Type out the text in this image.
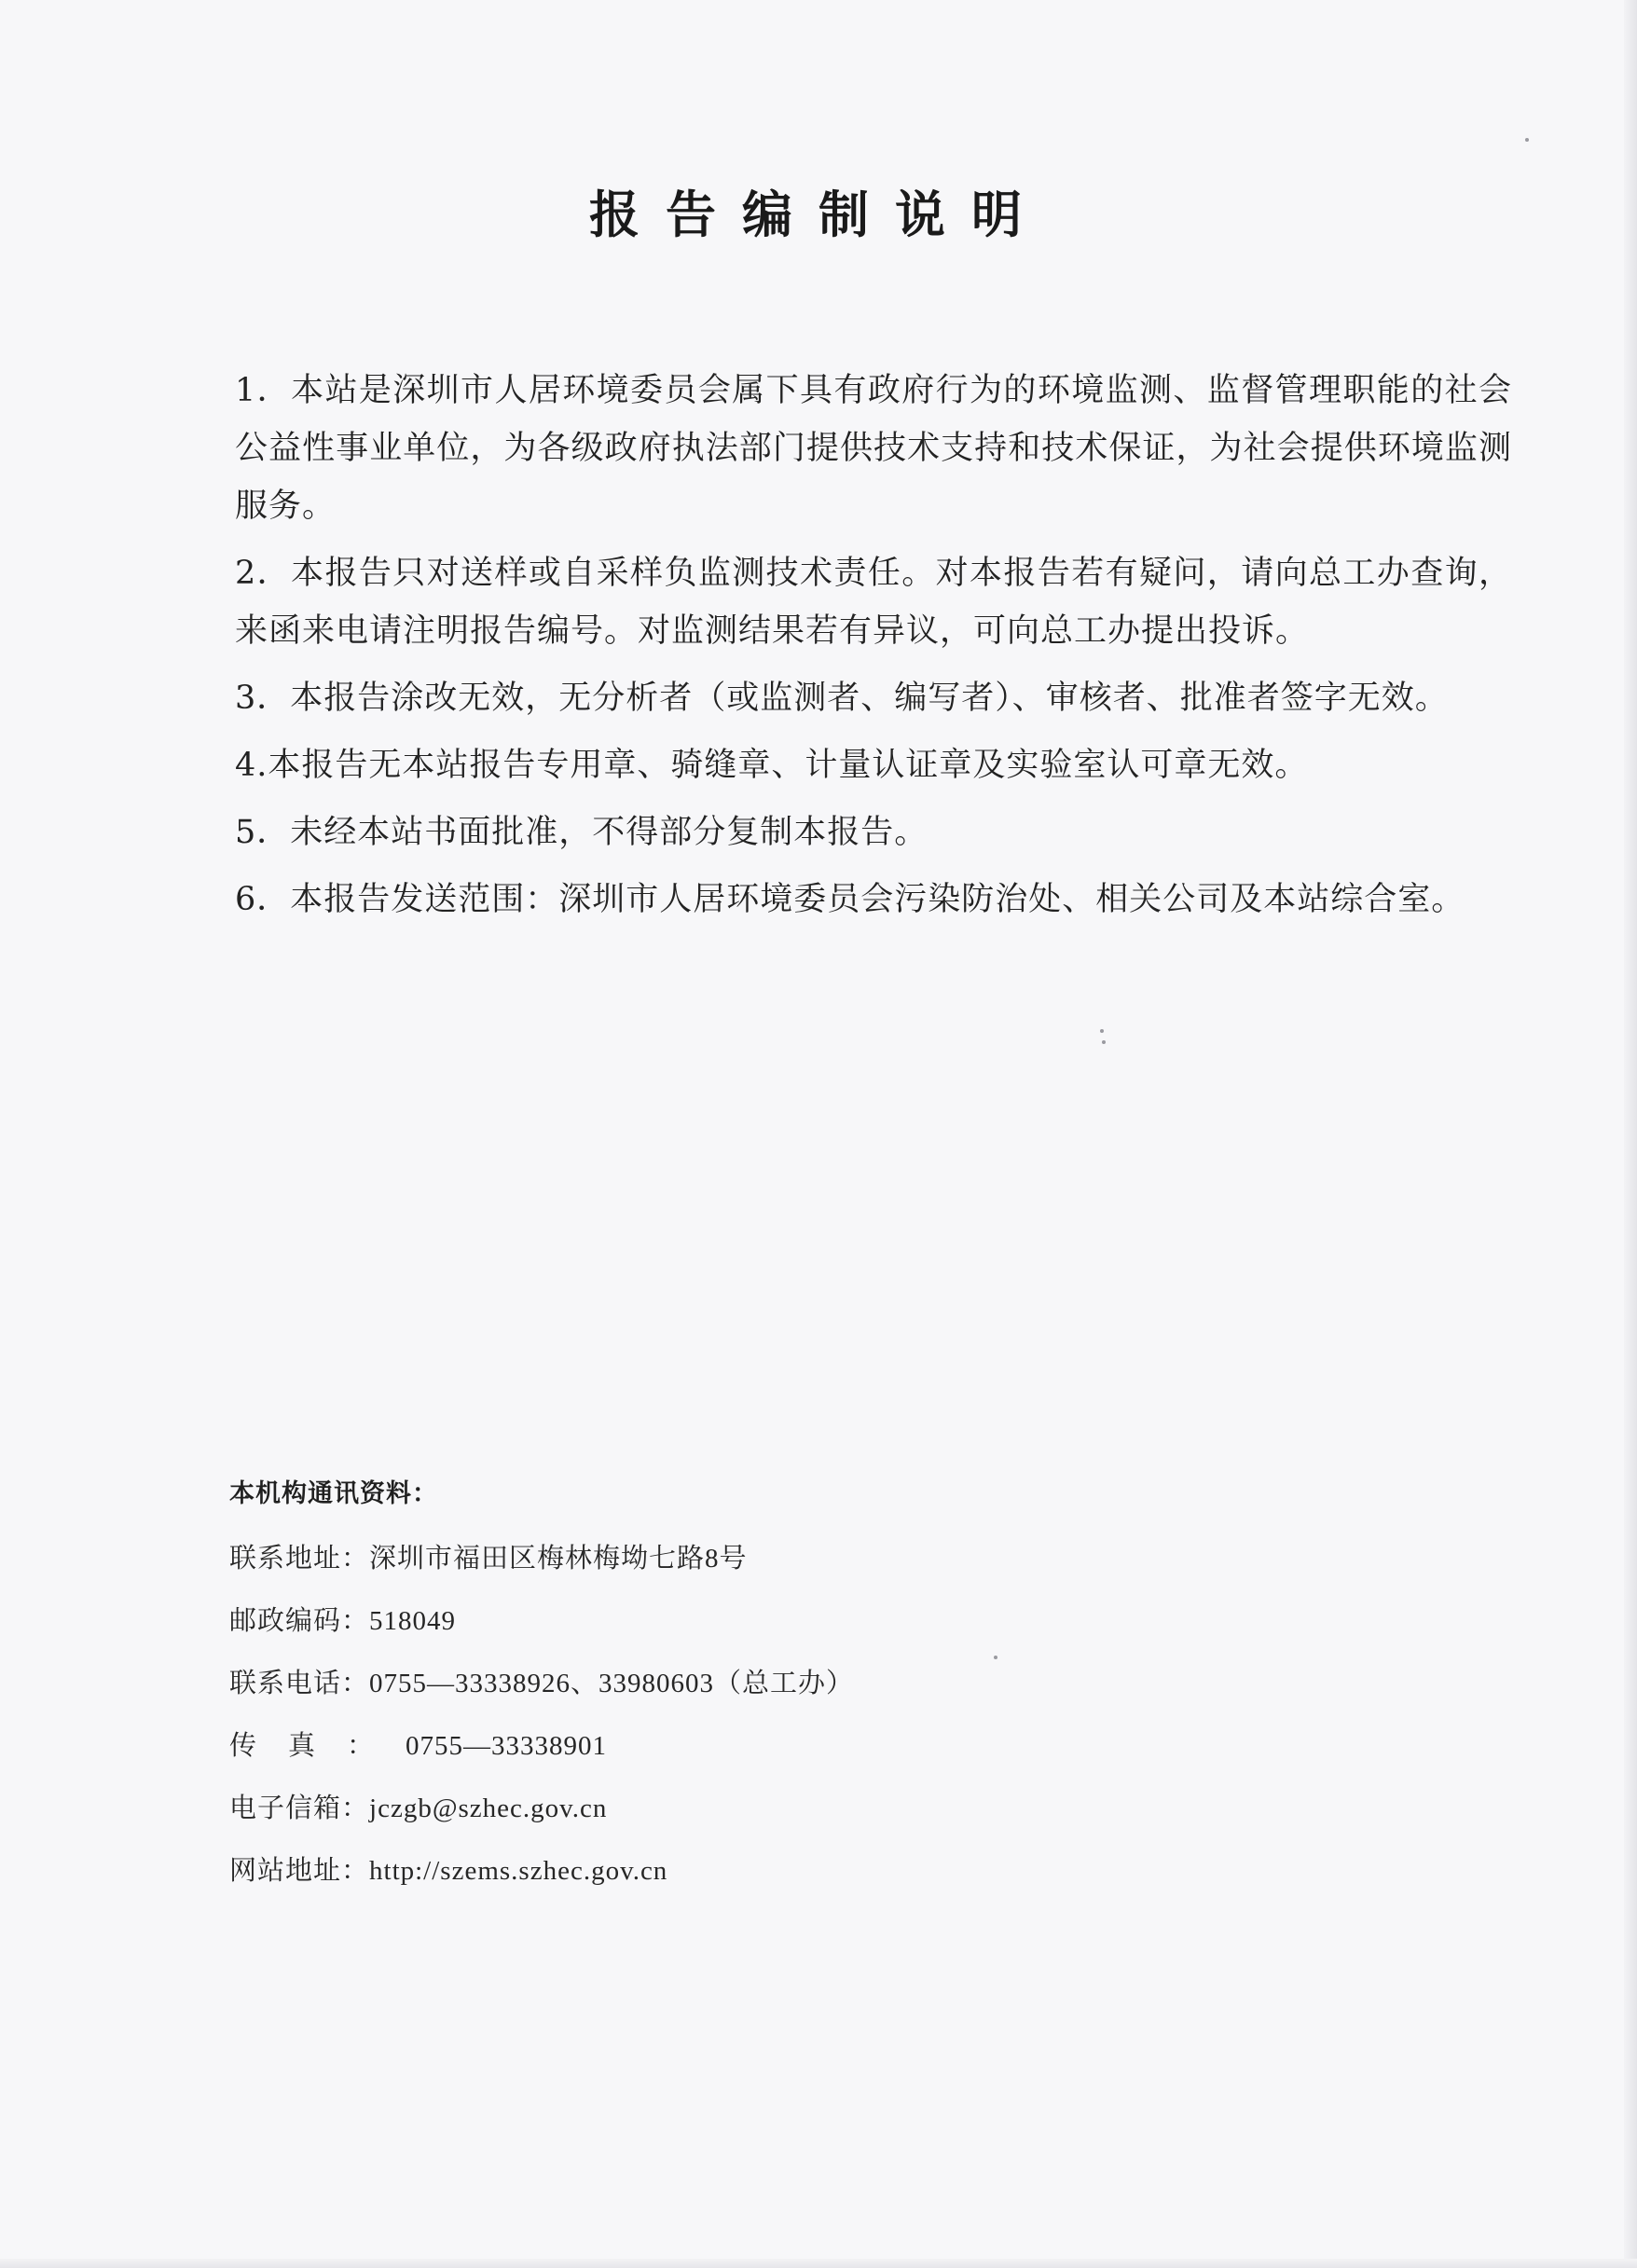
报告编制说明

1．本站是深圳市人居环境委员会属下具有政府行为的环境监测、监督管理职能的社会公益性事业单位，为各级政府执法部门提供技术支持和技术保证，为社会提供环境监测服务。

2．本报告只对送样或自采样负监测技术责任。对本报告若有疑问，请向总工办查询，来函来电请注明报告编号。对监测结果若有异议，可向总工办提出投诉。

3．本报告涂改无效，无分析者（或监测者、编写者）、审核者、批准者签字无效。

4.本报告无本站报告专用章、骑缝章、计量认证章及实验室认可章无效。

5．未经本站书面批准，不得部分复制本报告。

6．本报告发送范围：深圳市人居环境委员会污染防治处、相关公司及本站综合室。

本机构通讯资料：
联系地址：深圳市福田区梅林梅坳七路8号
邮政编码：518049
联系电话：0755—33338926、33980603（总工办）
传真：0755—33338901
电子信箱：jczgb@szhec.gov.cn
网站地址：http://szems.szhec.gov.cn
